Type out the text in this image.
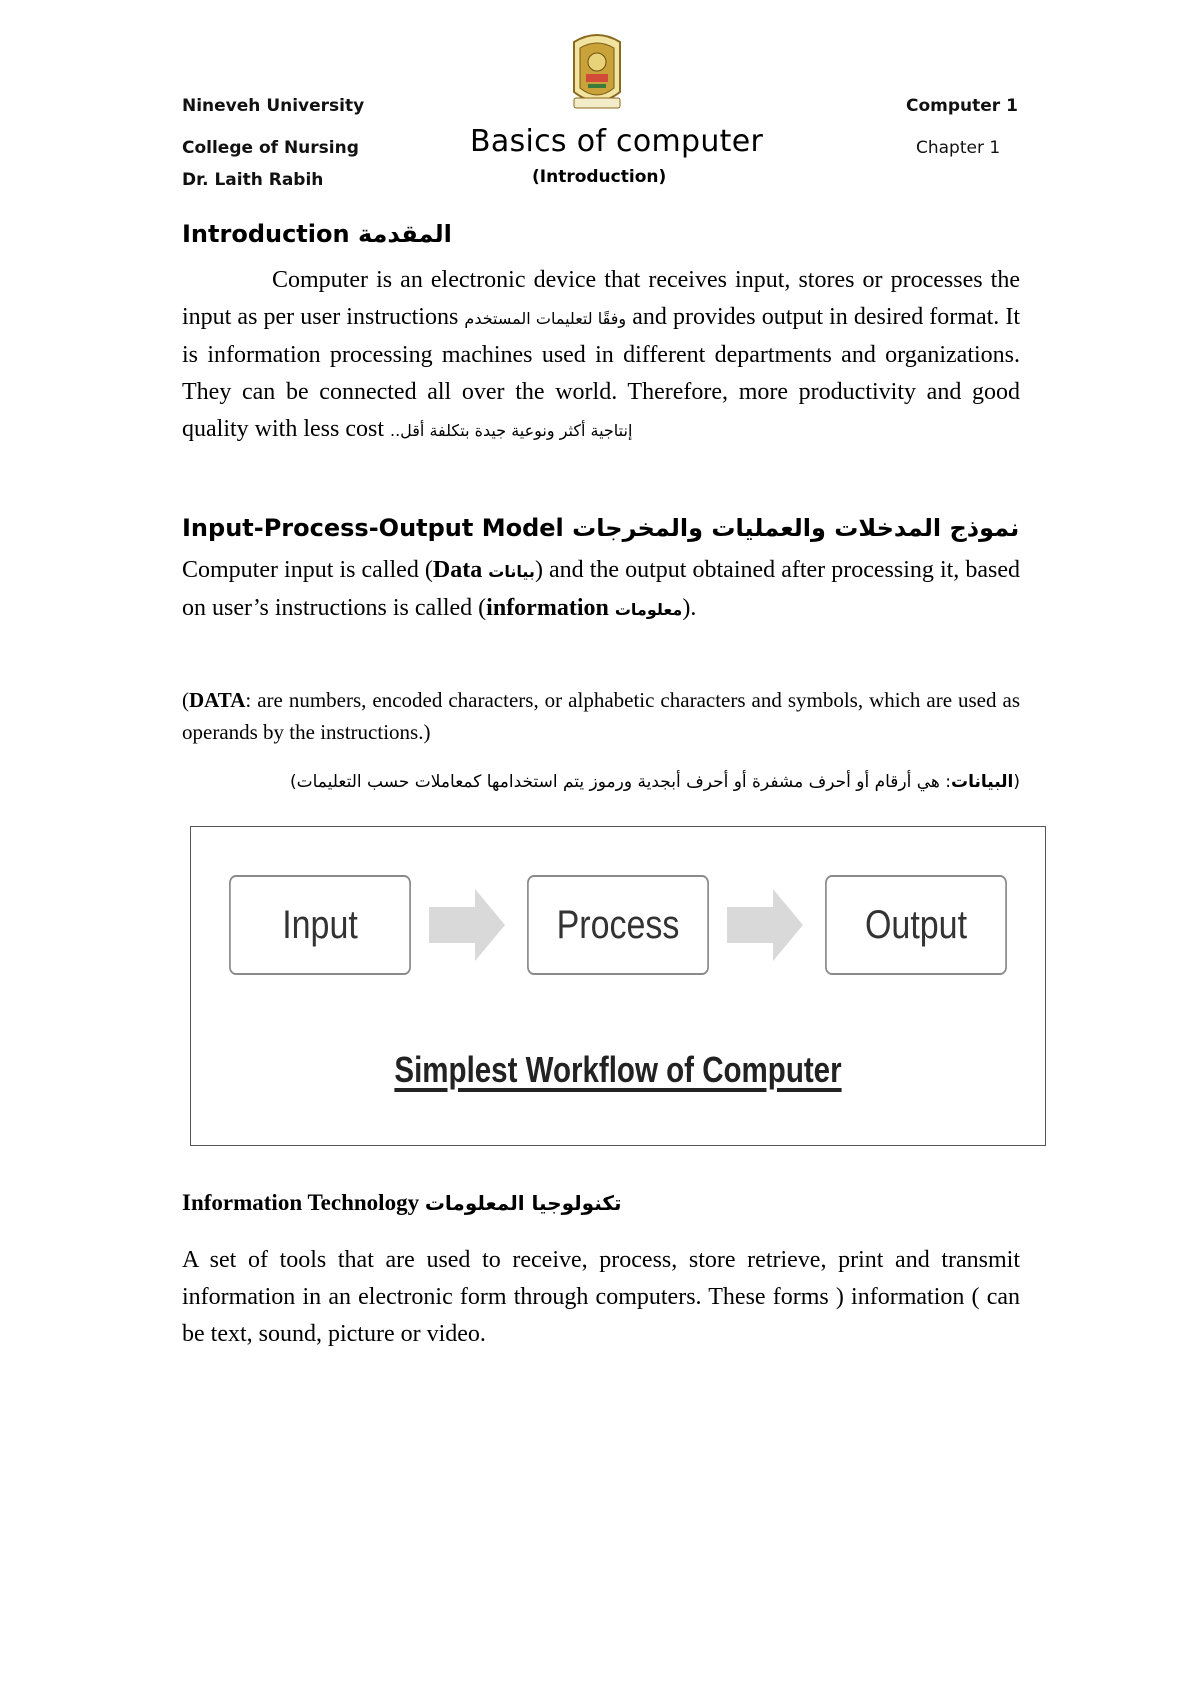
Nineveh University
College of Nursing
Dr. Laith Rabih
Basics of computer
(Introduction)
Computer 1
Chapter 1
Introduction المقدمة

Computer is an electronic device that receives input, stores or processes the input as per user instructions وفقًا لتعليمات المستخدم and provides output in desired format. It is information processing machines used in different departments and organizations. They can be connected all over the world. Therefore, more productivity and good quality with less cost إنتاجية أكثر ونوعية جيدة بتكلفة أقل..

Input-Process-Output Model نموذج المدخلات والعمليات والمخرجات

Computer input is called (Data بيانات) and the output obtained after processing it, based on user’s instructions is called (information معلومات).

(DATA: are numbers, encoded characters, or alphabetic characters and symbols, which are used as operands by the instructions.)

(البيانات: هي أرقام أو أحرف مشفرة أو أحرف أبجدية ورموز يتم استخدامها كمعاملات حسب التعليمات)
Input	Process	Output
Simplest Workflow of Computer
Information Technology تكنولوجيا المعلومات

A set of tools that are used to receive, process, store retrieve, print and transmit information in an electronic form through computers. These forms ) information ( can be text, sound, picture or video.
